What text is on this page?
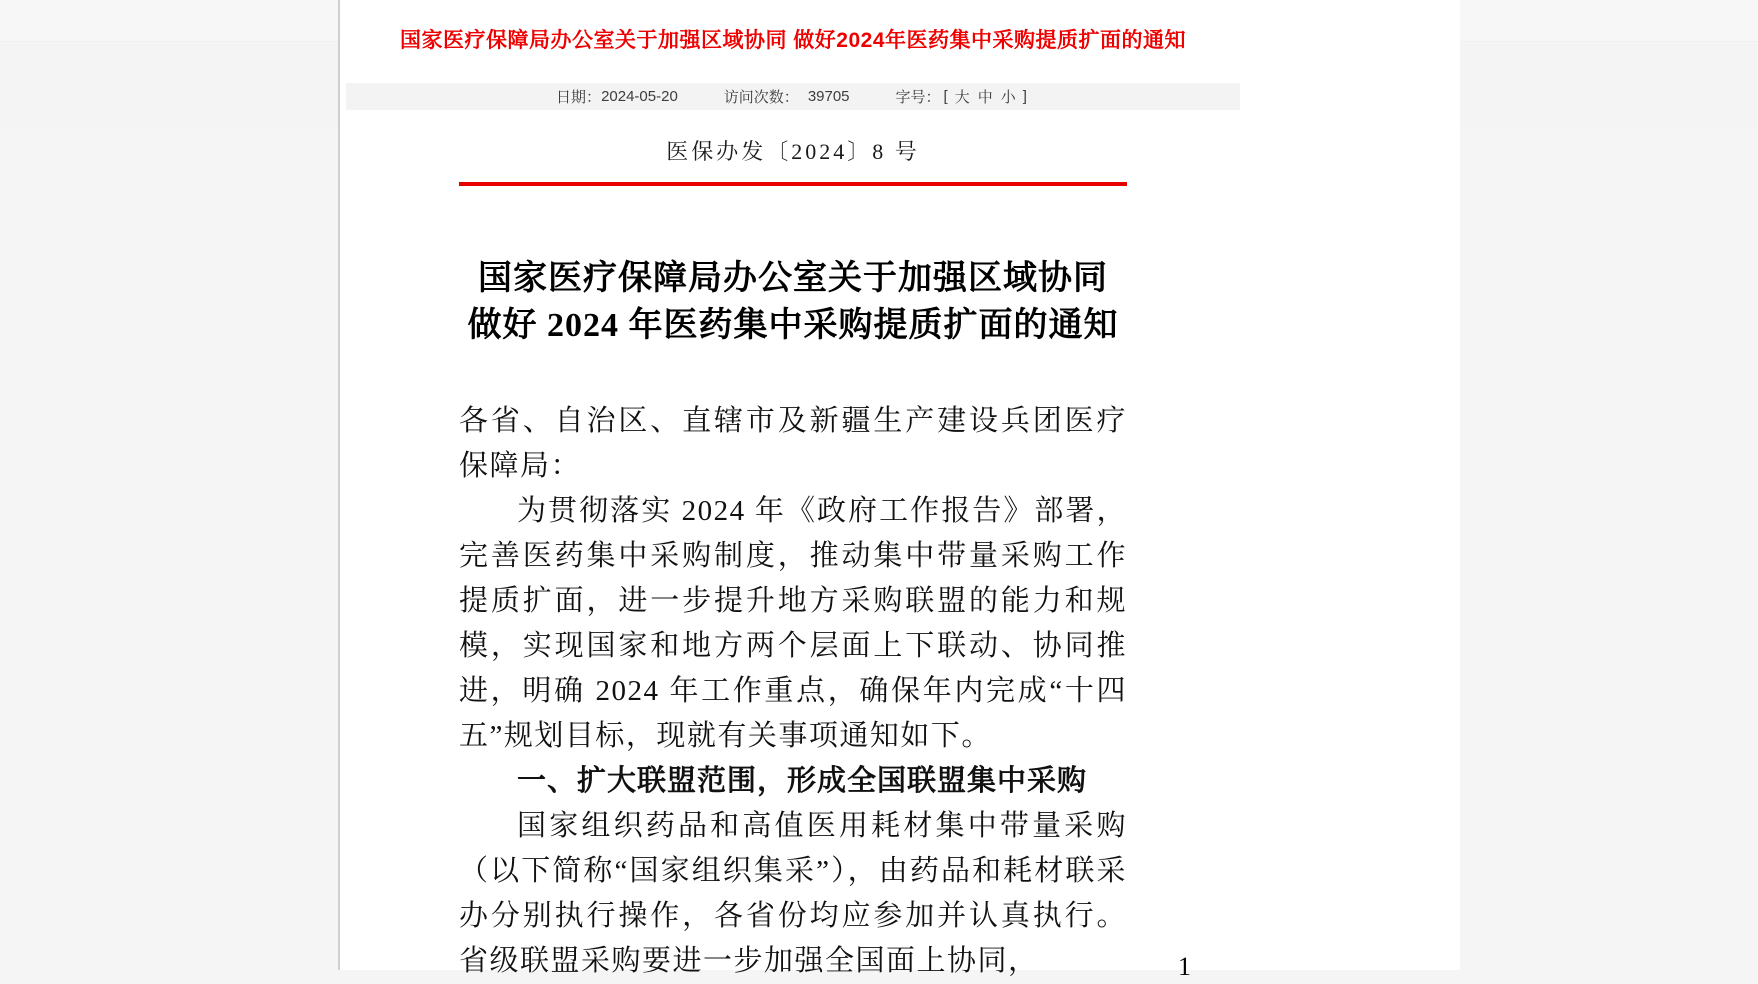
国家医疗保障局办公室关于加强区域协同 做好2024年医药集中采购提质扩面的通知
日期： 2024-05-20	访问次数： 39705	字号： [ 大 中 小 ]
医保办发〔2024〕8 号
国家医疗保障局办公室关于加强区域协同
做好 2024 年医药集中采购提质扩面的通知

各省、自治区、直辖市及新疆生产建设兵团医疗保障局：

为贯彻落实 2024 年《政府工作报告》部署，完善医药集中采购制度，推动集中带量采购工作提质扩面，进一步提升地方采购联盟的能力和规模，实现国家和地方两个层面上下联动、协同推进，明确 2024 年工作重点，确保年内完成“十四五”规划目标，现就有关事项通知如下。

一、扩大联盟范围，形成全国联盟集中采购

国家组织药品和高值医用耗材集中带量采购（以下简称“国家组织集采”），由药品和耗材联采办分别执行操作，各省份均应参加并认真执行。省级联盟采购要进一步加强全国面上协同，	1
